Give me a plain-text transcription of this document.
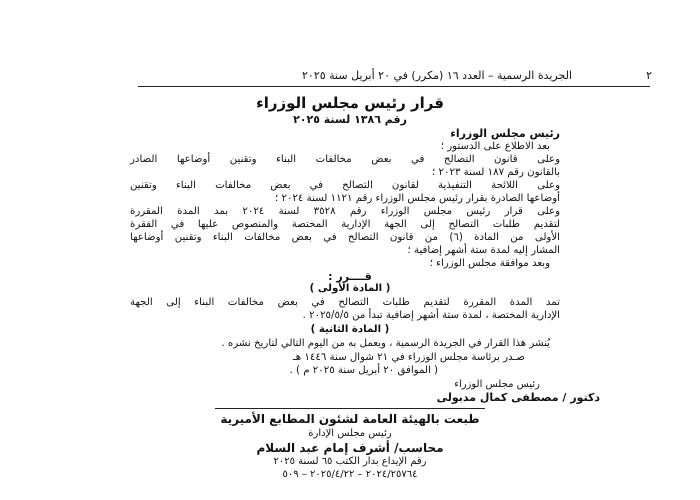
٢
الجريدة الرسمية – العدد ١٦ (مكرر) في ٢٠ أبريل سنة ٢٠٢٥
قرار رئيس مجلس الوزراء
رقم ١٣٨٦ لسنة ٢٠٢٥
رئيس مجلس الوزراء
بعد الاطلاع على الدستور ؛
وعلى قانون التصالح في بعض مخالفات البناء وتقنين أوضاعها الصادر
بالقانون رقم ١٨٧ لسنة ٢٠٢٣ ؛
وعلى اللائحة التنفيذية لقانون التصالح في بعض مخالفات البناء وتقنين
أوضاعها الصادرة بقرار رئيس مجلس الوزراء رقم ١١٢١ لسنة ٢٠٢٤ ؛
وعلى قرار رئيس مجلس الوزراء رقم ٣٥٢٨ لسنة ٢٠٢٤ بمد المدة المقررة
لتقديم طلبات التصالح إلى الجهة الإدارية المختصة والمنصوص عليها في الفقرة
الأولى من المادة (٦) من قانون التصالح في بعض مخالفات البناء وتقنين أوضاعها
المشار إليه لمدة ستة أشهر إضافية ؛
وبعد موافقة مجلس الوزراء ؛
قــــرر :
( المادة الأولى )
تمد المدة المقررة لتقديم طلبات التصالح في بعض مخالفات البناء إلى الجهة
الإدارية المختصة ، لمدة ستة أشهر إضافية تبدأ من ٢٠٢٥/٥/٥ .
( المادة الثانية )
يُنشر هذا القرار في الجريدة الرسمية ، ويعمل به من اليوم التالي لتاريخ نشره .
صـدر برئاسة مجلس الوزراء في ٢١ شوال سنة ١٤٤٦ هـ
( الموافق ٢٠ أبريل سنة ٢٠٢٥ م ) .
رئيس مجلس الوزراء
دكتور / مصطفى كمال مدبولى
طبعت بالهيئة العامة لشئون المطابع الأميرية
رئيس مجلس الإدارة
محاسب/ أشرف إمام عبد السلام
رقم الإيداع بدار الكتب ٦٥ لسنة ٢٠٢٥
٢٠٢٤/٢٥٧٦٤ – ٢٠٢٥/٤/٢٢ – ٥٠٩
